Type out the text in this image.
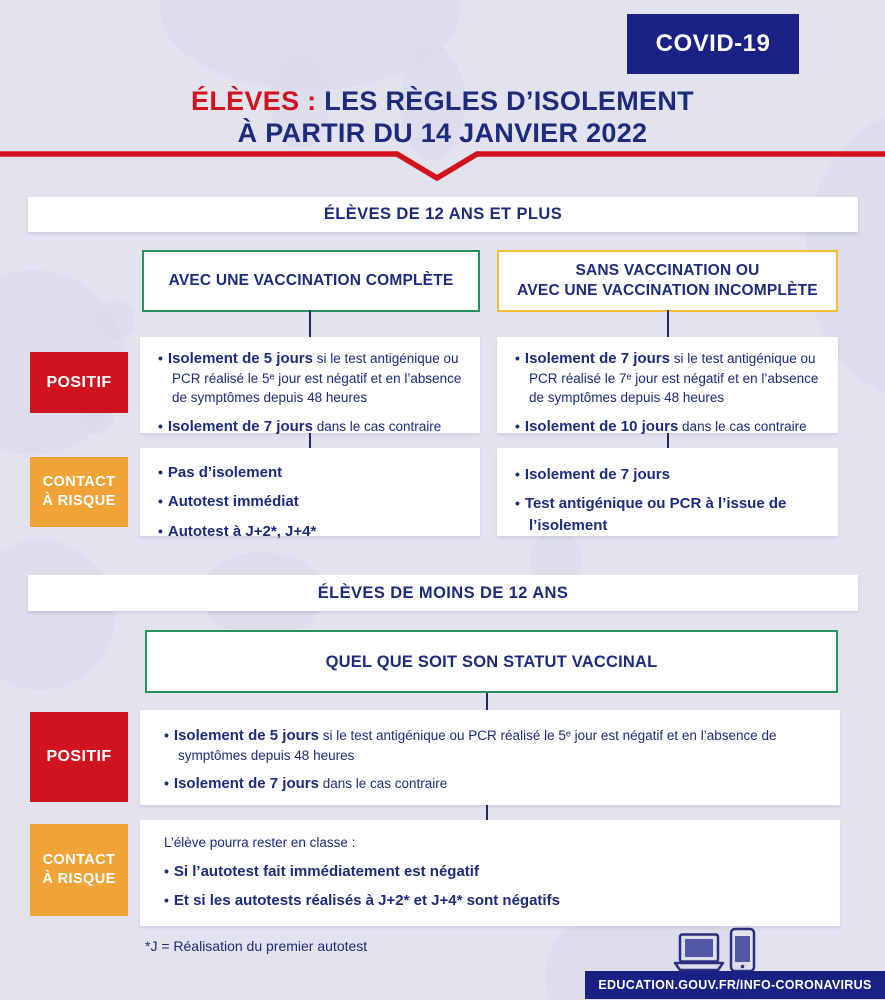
COVID-19
ÉLÈVES : LES RÈGLES D’ISOLEMENT
À PARTIR DU 14 JANVIER 2022
ÉLÈVES DE 12 ANS ET PLUS
AVEC UNE VACCINATION COMPLÈTE
SANS VACCINATION OU
AVEC UNE VACCINATION INCOMPLÈTE
POSITIF
CONTACT
À RISQUE
• Isolement de 5 jours si le test antigénique ou PCR réalisé le 5ᵉ jour est négatif et en l’absence de symptômes depuis 48 heures
• Isolement de 7 jours dans le cas contraire
• Isolement de 7 jours si le test antigénique ou PCR réalisé le 7ᵉ jour est négatif et en l’absence de symptômes depuis 48 heures
• Isolement de 10 jours dans le cas contraire
• Pas d’isolement
• Autotest immédiat
• Autotest à J+2*, J+4*
• Isolement de 7 jours
• Test antigénique ou PCR à l’issue de l’isolement
ÉLÈVES DE MOINS DE 12 ANS
QUEL QUE SOIT SON STATUT VACCINAL
POSITIF
CONTACT
À RISQUE
• Isolement de 5 jours si le test antigénique ou PCR réalisé le 5ᵉ jour est négatif et en l’absence de symptômes depuis 48 heures
• Isolement de 7 jours dans le cas contraire
L’élève pourra rester en classe :
• Si l’autotest fait immédiatement est négatif
• Et si les autotests réalisés à J+2* et J+4* sont négatifs
*J = Réalisation du premier autotest
EDUCATION.GOUV.FR/INFO-CORONAVIRUS
